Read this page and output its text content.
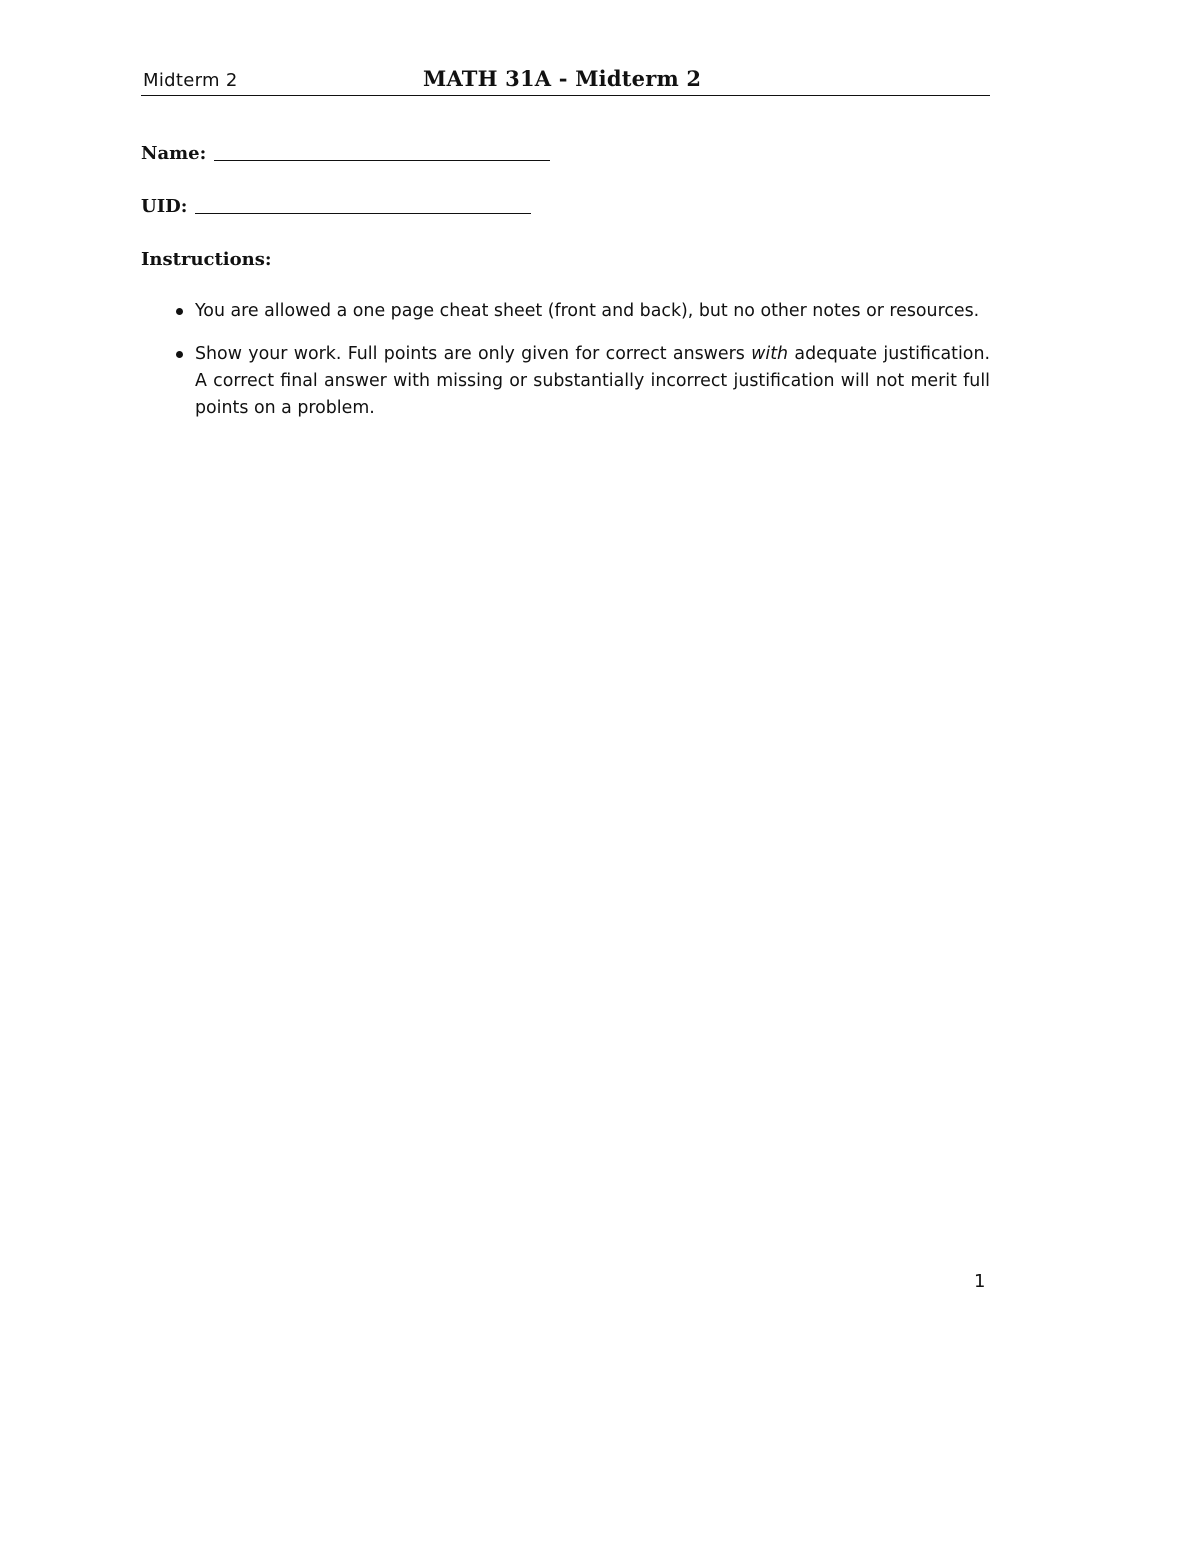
Midterm 2	MATH 31A - Midterm 2
Name:
UID:
Instructions:
You are allowed a one page cheat sheet (front and back), but no other notes or resources.
Show your work. Full points are only given for correct answers with adequate justification. A correct final answer with missing or substantially incorrect justification will not merit full points on a problem.
1
